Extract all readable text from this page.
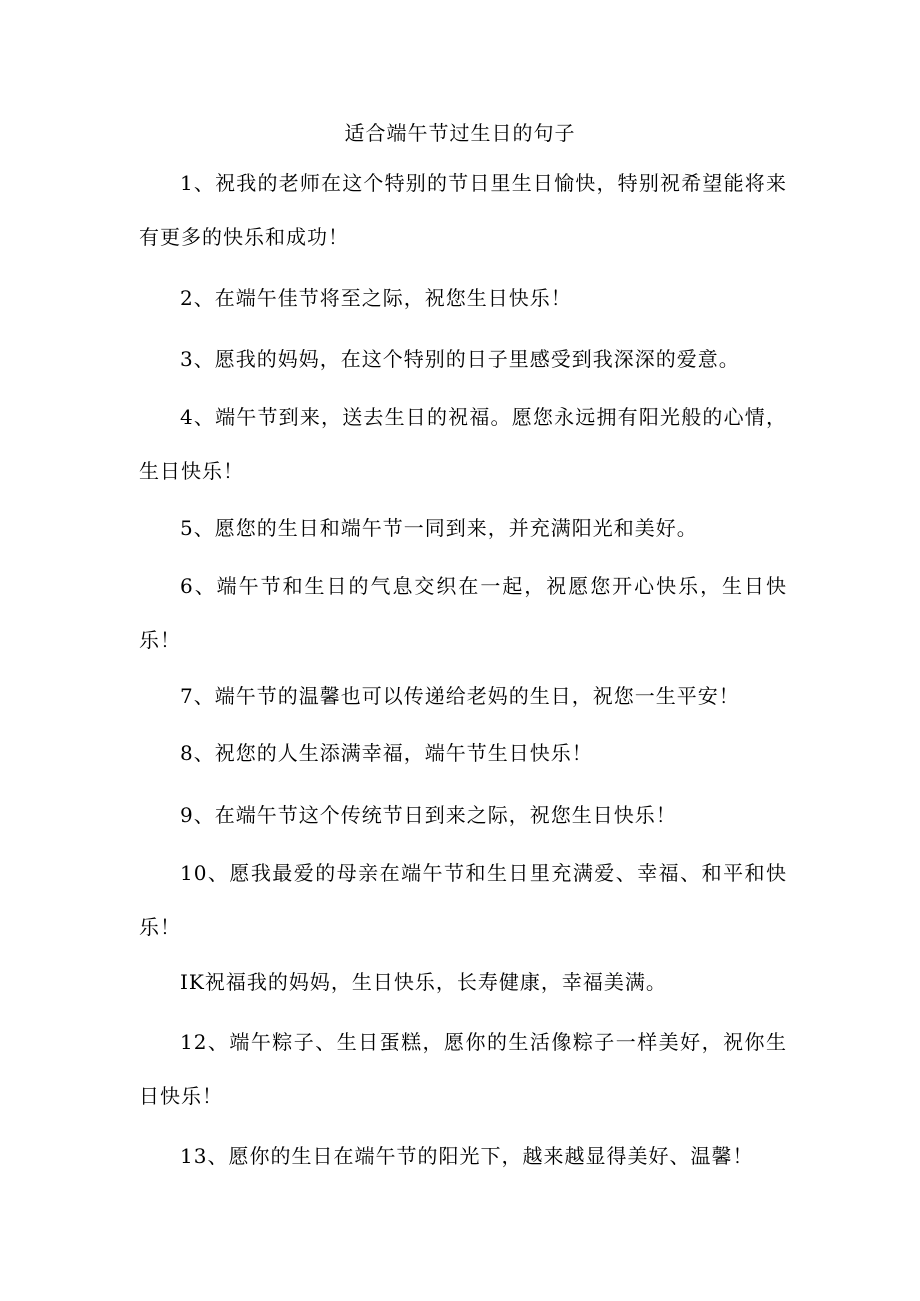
适合端午节过生日的句子

1、祝我的老师在这个特别的节日里生日愉快，特别祝希望能将来有更多的快乐和成功！

2、在端午佳节将至之际，祝您生日快乐！

3、愿我的妈妈，在这个特别的日子里感受到我深深的爱意。

4、端午节到来，送去生日的祝福。愿您永远拥有阳光般的心情，生日快乐！

5、愿您的生日和端午节一同到来，并充满阳光和美好。

6、端午节和生日的气息交织在一起，祝愿您开心快乐，生日快乐！

7、端午节的温馨也可以传递给老妈的生日，祝您一生平安！

8、祝您的人生添满幸福，端午节生日快乐！

9、在端午节这个传统节日到来之际，祝您生日快乐！

10、愿我最爱的母亲在端午节和生日里充满爱、幸福、和平和快乐！

IK祝福我的妈妈，生日快乐，长寿健康，幸福美满。

12、端午粽子、生日蛋糕，愿你的生活像粽子一样美好，祝你生日快乐！

13、愿你的生日在端午节的阳光下，越来越显得美好、温馨！
